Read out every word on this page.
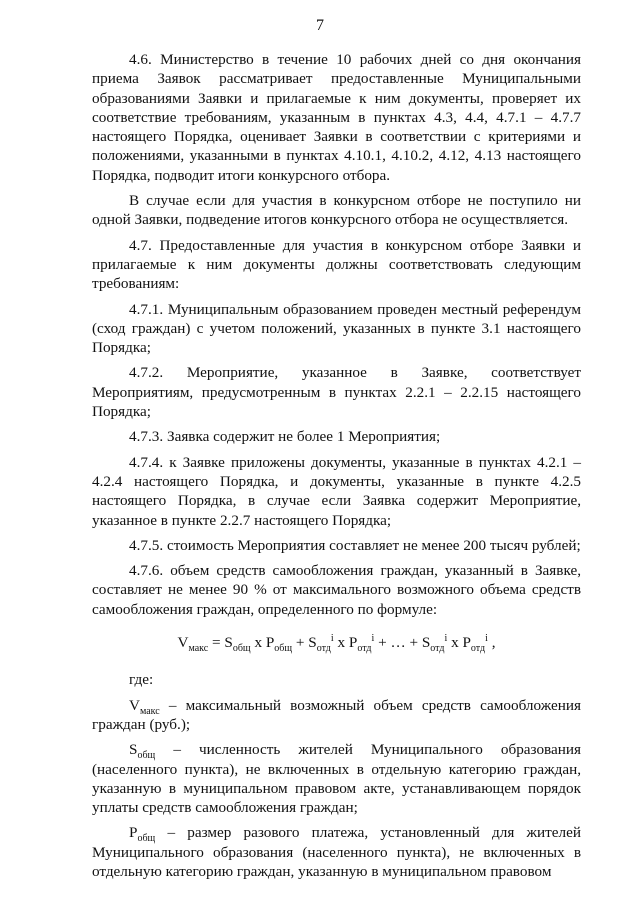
7

4.6. Министерство в течение 10 рабочих дней со дня окончания приема Заявок рассматривает предоставленные Муниципальными образованиями Заявки и прилагаемые к ним документы, проверяет их соответствие требованиям, указанным в пунктах 4.3, 4.4, 4.7.1 – 4.7.7 настоящего Порядка, оценивает Заявки в соответствии с критериями и положениями, указанными в пунктах 4.10.1, 4.10.2, 4.12, 4.13 настоящего Порядка, подводит итоги конкурсного отбора.

В случае если для участия в конкурсном отборе не поступило ни одной Заявки, подведение итогов конкурсного отбора не осуществляется.

4.7. Предоставленные для участия в конкурсном отборе Заявки и прилагаемые к ним документы должны соответствовать следующим требованиям:

4.7.1. Муниципальным образованием проведен местный референдум (сход граждан) с учетом положений, указанных в пункте 3.1 настоящего Порядка;

4.7.2. Мероприятие, указанное в Заявке, соответствует Мероприятиям, предусмотренным в пунктах 2.2.1 – 2.2.15 настоящего Порядка;

4.7.3. Заявка содержит не более 1 Мероприятия;

4.7.4. к Заявке приложены документы, указанные в пунктах 4.2.1 – 4.2.4 настоящего Порядка, и документы, указанные в пункте 4.2.5 настоящего Порядка, в случае если Заявка содержит Мероприятие, указанное в пункте 2.2.7 настоящего Порядка;

4.7.5. стоимость Мероприятия составляет не менее 200 тысяч рублей;

4.7.6. объем средств самообложения граждан, указанный в Заявке, составляет не менее 90 % от максимального возможного объема средств самообложения граждан, определенного по формуле:

$V_{макс} = S_{общ}$ x $P_{общ} + S_{отд}^i$ x $P_{отд}^i$ + … + $S_{отд}^i$ x $P_{отд}^i$ ,

где:

$V_{макс}$ – максимальный возможный объем средств самообложения граждан (руб.);

$S_{общ}$ – численность жителей Муниципального образования (населенного пункта), не включенных в отдельную категорию граждан, указанную в муниципальном правовом акте, устанавливающем порядок уплаты средств самообложения граждан;

$P_{общ}$ – размер разового платежа, установленный для жителей Муниципального образования (населенного пункта), не включенных в отдельную категорию граждан, указанную в муниципальном правовом
